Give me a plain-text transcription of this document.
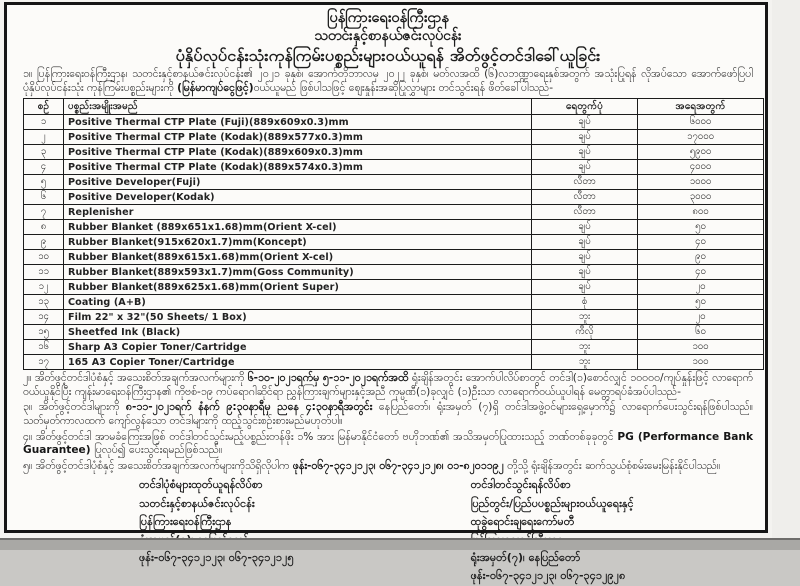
ပြန်ကြားရေးဝန်ကြီးဌာန
သတင်းနှင့်စာနယ်ဇင်းလုပ်ငန်း
ပုံနှိပ်လုပ်ငန်းသုံးကုန်ကြမ်းပစ္စည်းများဝယ်ယူရန် အိတ်ဖွင့်တင်ဒါခေါ်ယူခြင်း

၁။ ပြန်ကြားရေးဝန်ကြီးဌာန၊ သတင်းနှင့်စာနယ်ဇင်းလုပ်ငန်း၏ ၂၀၂၁ ခုနှစ်၊ အောက်တိုဘာလမှ ၂၀၂၂ ခုနှစ်၊ မတ်လအထိ (၆)လဘဏ္ဍာရေးနှစ်အတွက် အသုံးပြုရန် လိုအပ်သော အောက်ဖော်ပြပါ ပုံနှိပ်လုပ်ငန်းသုံး ကုန်ကြမ်းပစ္စည်းများကို (မြန်မာကျပ်ငွေဖြင့်)ဝယ်ယူမည် ဖြစ်ပါသဖြင့် ဈေးနှုန်းအဆိုပြုလွှာများ တင်သွင်းရန် ဖိတ်ခေါ်ပါသည်-

စဉ်	ပစ္စည်းအမျိုးအမည်	ရေတွက်ပုံ	အရေအတွက်
၁	Positive Thermal CTP Plate (Fuji)(889x609x0.3)mm	ချပ်	၆၀၀၀
၂	Positive Thermal CTP Plate (Kodak)(889x577x0.3)mm	ချပ်	၁၇၀၀၀
၃	Positive Thermal CTP Plate (Kodak)(889x609x0.3)mm	ချပ်	၅၉၀၀
၄	Positive Thermal CTP Plate (Kodak)(889x574x0.3)mm	ချပ်	၄၀၀၀
၅	Positive Developer(Fuji)	လီတာ	၁၀၀၀
၆	Positive Developer(Kodak)	လီတာ	၃၀၀၀
၇	Replenisher	လီတာ	၈၀၀
၈	Rubber Blanket (889x651x1.68)mm(Orient X-cel)	ချပ်	၅၀
၉	Rubber Blanket(915x620x1.7)mm(Koncept)	ချပ်	၄၀
၁၀	Rubber Blanket(889x615x1.68)mm(Orient X-cel)	ချပ်	၉၀
၁၁	Rubber Blanket(889x593x1.7)mm(Goss Community)	ချပ်	၄၀
၁၂	Rubber Blanket(889x625x1.68)mm(Orient Super)	ချပ်	၂၀
၁၃	Coating (A+B)	စုံ	၅၀
၁၄	Film 22" x 32"(50 Sheets/ 1 Box)	ဘူး	၂၀
၁၅	Sheetfed Ink (Black)	ကီလို	၆၀
၁၆	Sharp A3 Copier Toner/Cartridge	ဘူး	၁၀၀
၁၇	165 A3 Copier Toner/Cartridge	ဘူး	၁၀၀

၂။ အိတ်ဖွင့်တင်ဒါပုံစံနှင့် အသေးစိတ်အချက်အလက်များကို ၆-၁၀-၂၀၂၁ရက်မှ ၅-၁၁-၂၀၂၁ရက်အထိ ရုံးချိန်အတွင်း အောက်ပါလိပ်စာတွင် တင်ဒါ(၁)စောင်လျှင် ၁၀၀၀၀/ကျပ်နှုန်းဖြင့် လာရောက်ဝယ်ယူနိုင်ပြီး ကျန်းမာရေးဝန်ကြီးဌာန၏ ကိုဗစ်-၁၉ ကပ်ရောဂါဆိုင်ရာ ညွှန်ကြားချက်များနှင့်အညီ ကုမ္ပဏီ(၁)ခုလျှင် (၁)ဦးသာ လာရောက်ဝယ်ယူပါရန် မေတ္တာရပ်ခံအပ်ပါသည်-

၃။ အိတ်ဖွင့်တင်ဒါများကို ၈-၁၁-၂၀၂၁ရက် နံနက် ၉:၃၀နာရီမှ ညနေ ၄:၃၀နာရီအတွင်း နေပြည်တော်၊ ရုံးအမှတ် (၇)ရှိ တင်ဒါအဖွဲ့ဝင်များရှေ့မှောက်၌ လာရောက်ပေးသွင်းရန်ဖြစ်ပါသည်။ သတ်မှတ်ကာလထက် ကျော်လွန်သော တင်ဒါများကို ထည့်သွင်းစဉ်းစားမည်မဟုတ်ပါ။

၄။ အိတ်ဖွင့်တင်ဒါ အာမခံကြေးအဖြစ် တင်ဒါတင်သွင်းမည့်ပစ္စည်းတန်ဖိုး ၁% အား မြန်မာနိုင်ငံတော် ဗဟိုဘဏ်၏ အသိအမှတ်ပြုထားသည့် ဘဏ်တစ်ခုခုတွင် PG (Performance Bank Guarantee) ပြုလုပ်၍ ပေးသွင်းရမည်ဖြစ်သည်။

၅။ အိတ်ဖွင့်တင်ဒါပုံစံနှင့် အသေးစိတ်အချက်အလက်များကိုသိရှိလိုပါက ဖုန်း-၀၆၇-၃၄၁၂၁၂၃၊ ၀၆၇-၃၄၁၂၁၂၈၊ ၀၁-၈၂၀၁၁၉၂ တို့သို့ ရုံးချိန်အတွင်း ဆက်သွယ်စုံစမ်းမေးမြန်းနိုင်ပါသည်။

တင်ဒါပုံစံများထုတ်ယူရန်လိပ်စာ
သတင်းနှင့်စာနယ်ဇင်းလုပ်ငန်း
ပြန်ကြားရေးဝန်ကြီးဌာန
ဖုန်း-၀၆၇-၃၄၁၂၁၂၃၊ ၀၆၇-၃၄၁၂၁၂၅
တင်ဒါတင်သွင်းရန်လိပ်စာ
ပြည်တွင်း/ပြည်ပပစ္စည်းများဝယ်ယူရေးနှင့်
ထုခွဲရောင်းချရေးကော်မတီ
ရုံးအမှတ်(၇)၊ နေပြည်တော်
ဖုန်း-၀၆၇-၃၄၁၂၁၂၃၊ ၀၆၇-၃၄၁၂၉၂၈
